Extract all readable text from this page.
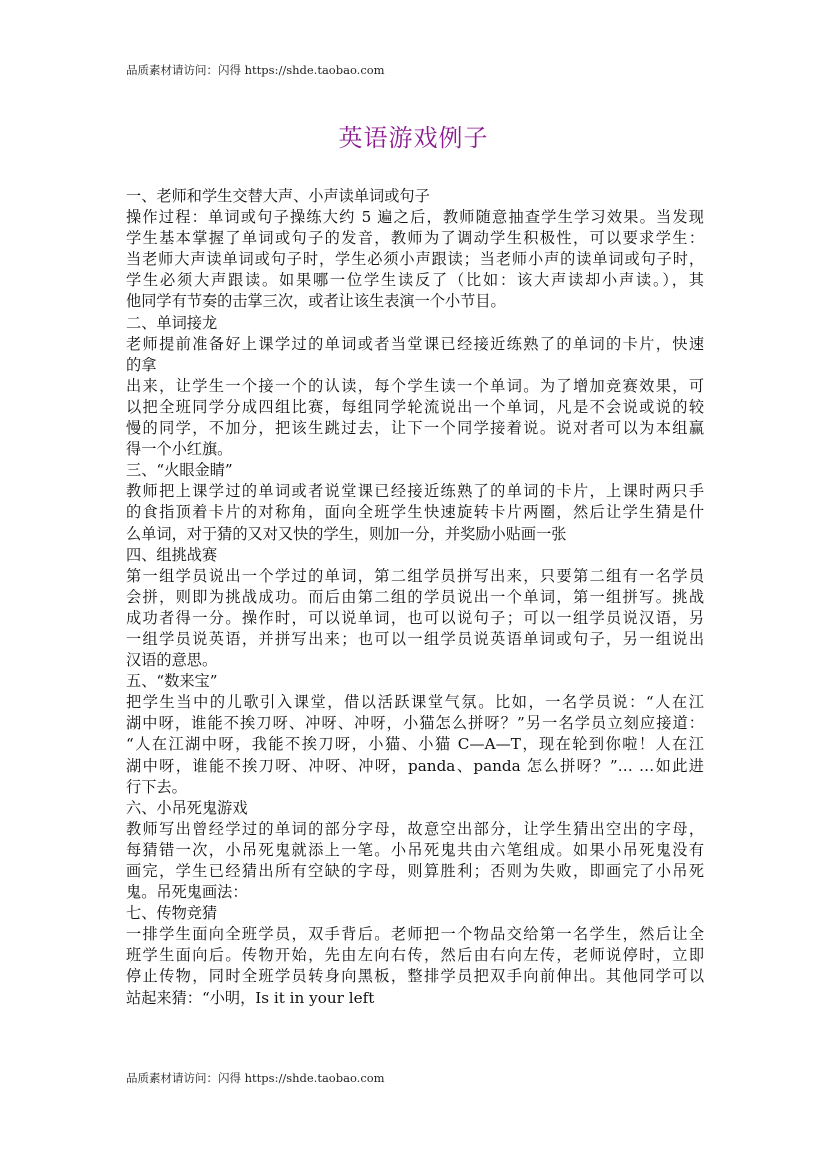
品质素材请访问：闪得 https://shde.taobao.com
英语游戏例子
一、老师和学生交替大声、小声读单词或句子
操作过程：单词或句子操练大约 5 遍之后，教师随意抽查学生学习效果。当发现
学生基本掌握了单词或句子的发音，教师为了调动学生积极性，可以要求学生：
当老师大声读单词或句子时，学生必须小声跟读；当老师小声的读单词或句子时，
学生必须大声跟读。如果哪一位学生读反了（比如：该大声读却小声读。），其
他同学有节奏的击掌三次，或者让该生表演一个小节目。
二、单词接龙
老师提前准备好上课学过的单词或者当堂课已经接近练熟了的单词的卡片，快速
的拿
出来，让学生一个接一个的认读，每个学生读一个单词。为了增加竞赛效果，可
以把全班同学分成四组比赛，每组同学轮流说出一个单词，凡是不会说或说的较
慢的同学，不加分，把该生跳过去，让下一个同学接着说。说对者可以为本组赢
得一个小红旗。
三、“火眼金睛”
教师把上课学过的单词或者说堂课已经接近练熟了的单词的卡片，上课时两只手
的食指顶着卡片的对称角，面向全班学生快速旋转卡片两圈，然后让学生猜是什
么单词，对于猜的又对又快的学生，则加一分，并奖励小贴画一张
四、组挑战赛
第一组学员说出一个学过的单词，第二组学员拼写出来，只要第二组有一名学员
会拼，则即为挑战成功。而后由第二组的学员说出一个单词，第一组拼写。挑战
成功者得一分。操作时，可以说单词，也可以说句子；可以一组学员说汉语，另
一组学员说英语，并拼写出来；也可以一组学员说英语单词或句子，另一组说出
汉语的意思。
五、“数来宝”
把学生当中的儿歌引入课堂，借以活跃课堂气氛。比如，一名学员说：“人在江
湖中呀，谁能不挨刀呀、冲呀、冲呀，小猫怎么拼呀？”另一名学员立刻应接道：
“人在江湖中呀，我能不挨刀呀，小猫、小猫 C—A—T，现在轮到你啦！人在江
湖中呀，谁能不挨刀呀、冲呀、冲呀，panda、panda 怎么拼呀？”… …如此进
行下去。
六、小吊死鬼游戏
教师写出曾经学过的单词的部分字母，故意空出部分，让学生猜出空出的字母，
每猜错一次，小吊死鬼就添上一笔。小吊死鬼共由六笔组成。如果小吊死鬼没有
画完，学生已经猜出所有空缺的字母，则算胜利；否则为失败，即画完了小吊死
鬼。吊死鬼画法：
七、传物竞猜
一排学生面向全班学员，双手背后。老师把一个物品交给第一名学生，然后让全
班学生面向后。传物开始，先由左向右传，然后由右向左传，老师说停时，立即
停止传物，同时全班学员转身向黑板，整排学员把双手向前伸出。其他同学可以
站起来猜：“小明，Is it in your left
品质素材请访问：闪得 https://shde.taobao.com
